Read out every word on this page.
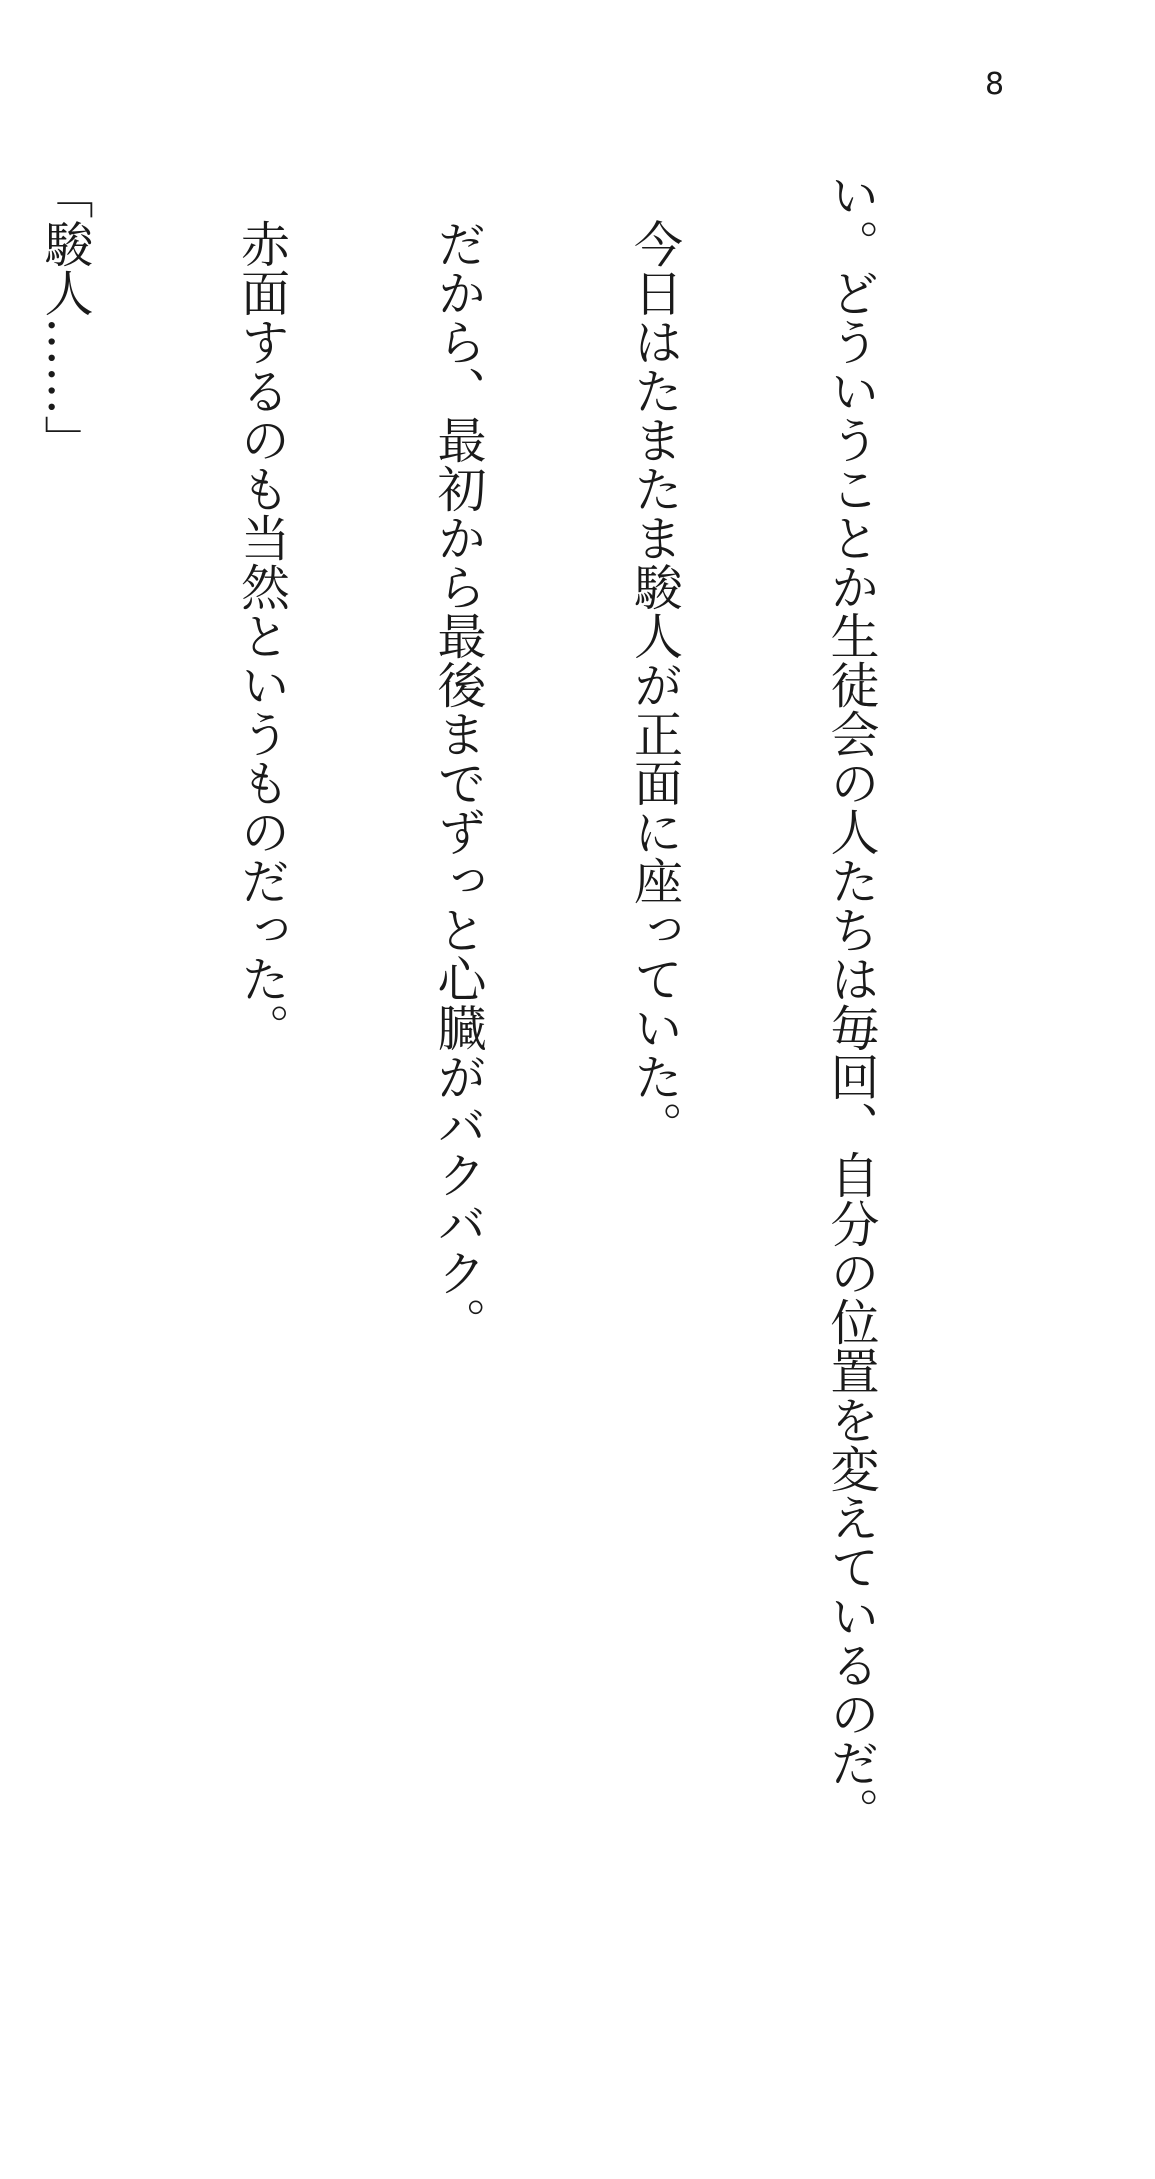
8

い。どういうことか生徒会の人たちは毎回、自分の位置を変えているのだ。

　今日はたまたま駿人が正面に座っていた。

　だから、最初から最後までずっと心臓がバクバク。

　赤面するのも当然というものだった。

「駿人……」
